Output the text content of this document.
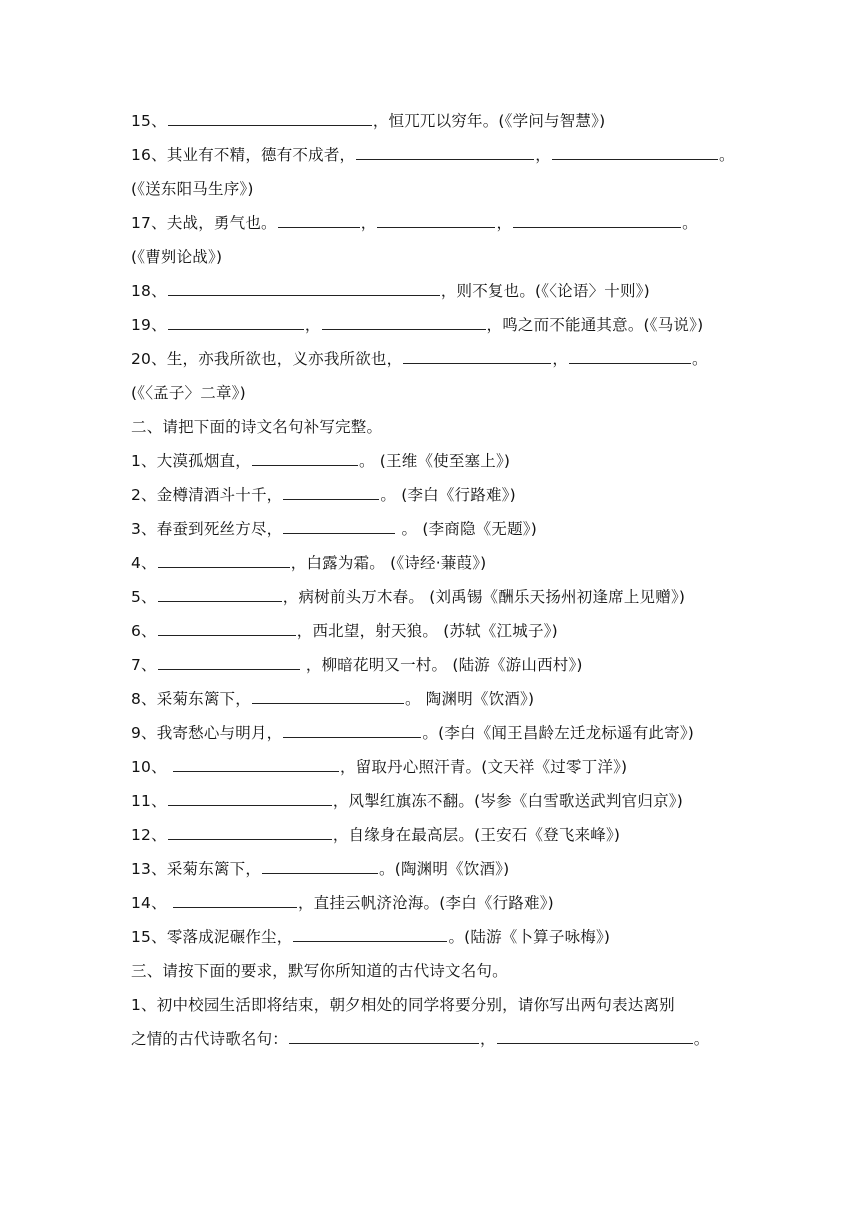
15、	，恒兀兀以穷年。(《学问与智慧》)
16、其业有不精，德有不成者，	，	。
(《送东阳马生序》)
17、夫战，勇气也。	，	，	。
(《曹刿论战》)
18、	，则不复也。(《〈论语〉十则》)
19、	，	，鸣之而不能通其意。(《马说》)
20、生，亦我所欲也，义亦我所欲也，	，	。
(《〈孟子〉二章》)
二、请把下面的诗文名句补写完整。
1、大漠孤烟直，	。 (王维《使至塞上》)
2、金樽清酒斗十千，	。 (李白《行路难》)
3、春蚕到死丝方尽，	。 (李商隐《无题》)
4、	，白露为霜。 (《诗经·蒹葭》)
5、	，病树前头万木春。 (刘禹锡《酬乐天扬州初逢席上见赠》)
6、	，西北望，射天狼。 (苏轼《江城子》)
7、	，柳暗花明又一村。 (陆游《游山西村》)
8、采菊东篱下，	。 陶渊明《饮酒》)
9、我寄愁心与明月，	。(李白《闻王昌龄左迁龙标遥有此寄》)
10、	，留取丹心照汗青。(文天祥《过零丁洋》)
11、	，风掣红旗冻不翻。(岑参《白雪歌送武判官归京》)
12、	，自缘身在最高层。(王安石《登飞来峰》)
13、采菊东篱下，	。(陶渊明《饮酒》)
14、	，直挂云帆济沧海。(李白《行路难》)
15、零落成泥碾作尘，	。(陆游《卜算子咏梅》)
三、请按下面的要求，默写你所知道的古代诗文名句。
1、初中校园生活即将结束，朝夕相处的同学将要分别，请你写出两句表达离别
之情的古代诗歌名句：	，	。
